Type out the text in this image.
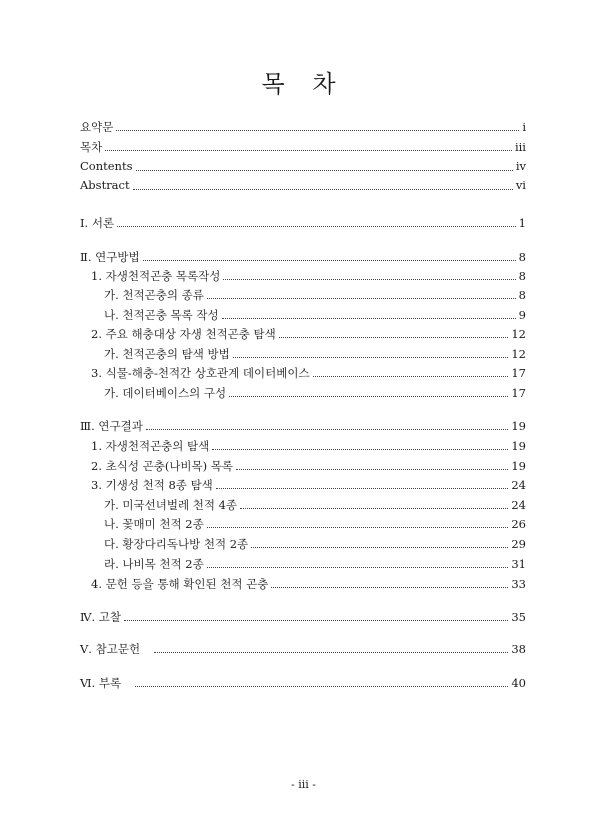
목 차
요약문	i
목차	iii
Contents	iv
Abstract	vi
Ⅰ. 서론	1
Ⅱ. 연구방법	8
1. 자생천적곤충 목록작성	8
가. 천적곤충의 종류	8
나. 천적곤충 목록 작성	9
2. 주요 해충대상 자생 천적곤충 탐색	12
가. 천적곤충의 탐색 방법	12
3. 식물-해충-천적간 상호관계 데이터베이스	17
가. 데이터베이스의 구성	17
Ⅲ. 연구결과	19
1. 자생천적곤충의 탐색	19
2. 초식성 곤충(나비목) 목록	19
3. 기생성 천적 8종 탐색	24
가. 미국선녀벌레 천적 4종	24
나. 꽃매미 천적 2종	26
다. 황장다리독나방 천적 2종	29
라. 나비목 천적 2종	31
4. 문헌 등을 통해 확인된 천적 곤충	33
Ⅳ. 고찰	35
Ⅴ. 참고문헌	38
Ⅵ. 부록	40
- iii -
